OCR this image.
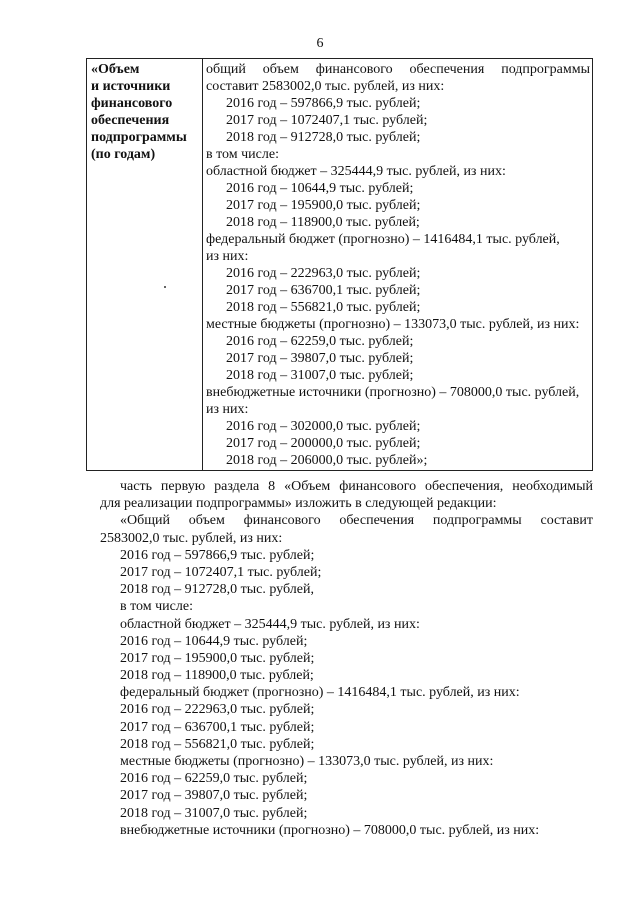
6
«Объем
и источники
финансового
обеспечения
подпрограммы
(по годам)
общий объем финансового обеспечения подпрограммы
составит 2583002,0 тыс. рублей, из них:
2016 год – 597866,9 тыс. рублей;
2017 год – 1072407,1 тыс. рублей;
2018 год – 912728,0 тыс. рублей;
в том числе:
областной бюджет – 325444,9 тыс. рублей, из них:
2016 год – 10644,9 тыс. рублей;
2017 год – 195900,0 тыс. рублей;
2018 год – 118900,0 тыс. рублей;
федеральный бюджет (прогнозно) – 1416484,1 тыс. рублей,
из них:
2016 год – 222963,0 тыс. рублей;
2017 год – 636700,1 тыс. рублей;
2018 год – 556821,0 тыс. рублей;
местные бюджеты (прогнозно) – 133073,0 тыс. рублей, из них:
2016 год – 62259,0 тыс. рублей;
2017 год – 39807,0 тыс. рублей;
2018 год – 31007,0 тыс. рублей;
внебюджетные источники (прогнозно) – 708000,0 тыс. рублей,
из них:
2016 год – 302000,0 тыс. рублей;
2017 год – 200000,0 тыс. рублей;
2018 год – 206000,0 тыс. рублей»;
часть первую раздела 8 «Объем финансового обеспечения, необходимый
для реализации подпрограммы» изложить в следующей редакции:
«Общий объем финансового обеспечения подпрограммы составит
2583002,0 тыс. рублей, из них:
2016 год – 597866,9 тыс. рублей;
2017 год – 1072407,1 тыс. рублей;
2018 год – 912728,0 тыс. рублей,
в том числе:
областной бюджет – 325444,9 тыс. рублей, из них:
2016 год – 10644,9 тыс. рублей;
2017 год – 195900,0 тыс. рублей;
2018 год – 118900,0 тыс. рублей;
федеральный бюджет (прогнозно) – 1416484,1 тыс. рублей, из них:
2016 год – 222963,0 тыс. рублей;
2017 год – 636700,1 тыс. рублей;
2018 год – 556821,0 тыс. рублей;
местные бюджеты (прогнозно) – 133073,0 тыс. рублей, из них:
2016 год – 62259,0 тыс. рублей;
2017 год – 39807,0 тыс. рублей;
2018 год – 31007,0 тыс. рублей;
внебюджетные источники (прогнозно) – 708000,0 тыс. рублей, из них:
